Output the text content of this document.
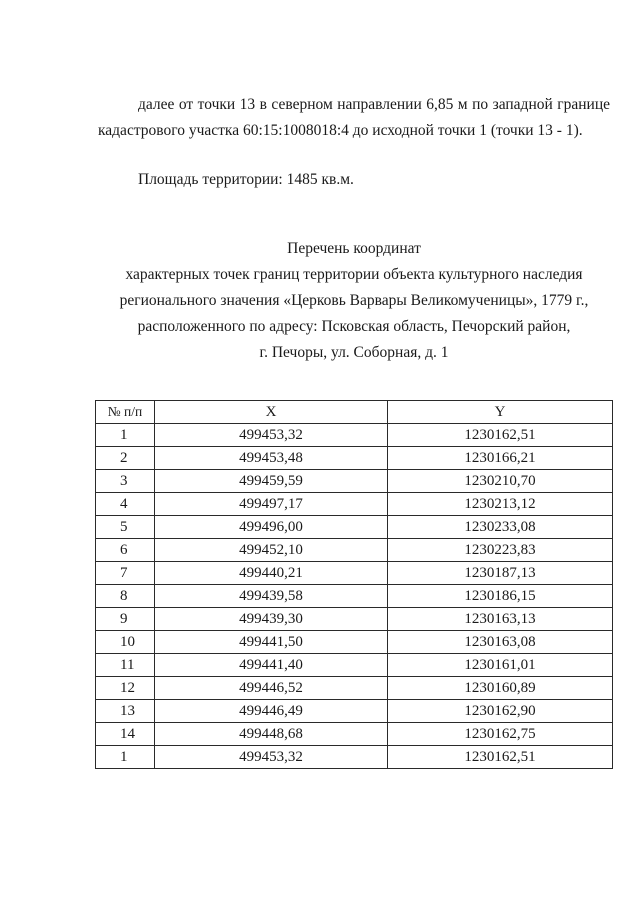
далее от точки 13 в северном направлении 6,85 м по западной границе кадастрового участка 60:15:1008018:4 до исходной точки 1 (точки 13 - 1).

Площадь территории: 1485 кв.м.

Перечень координат
характерных точек границ территории объекта культурного наследия
регионального значения «Церковь Варвары Великомученицы», 1779 г.,
расположенного по адресу: Псковская область, Печорский район,
г. Печоры, ул. Соборная, д. 1
№ п/п	X	Y
1	499453,32	1230162,51
2	499453,48	1230166,21
3	499459,59	1230210,70
4	499497,17	1230213,12
5	499496,00	1230233,08
6	499452,10	1230223,83
7	499440,21	1230187,13
8	499439,58	1230186,15
9	499439,30	1230163,13
10	499441,50	1230163,08
11	499441,40	1230161,01
12	499446,52	1230160,89
13	499446,49	1230162,90
14	499448,68	1230162,75
1	499453,32	1230162,51
